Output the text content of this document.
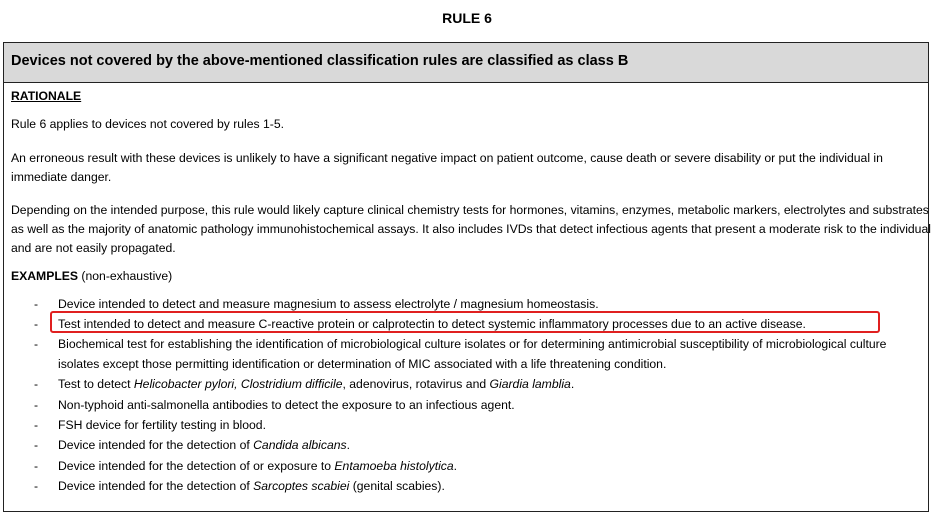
RULE 6
Devices not covered by the above-mentioned classification rules are classified as class B
RATIONALE
Rule 6 applies to devices not covered by rules 1-5.
An erroneous result with these devices is unlikely to have a significant negative impact on patient outcome, cause death or severe disability or put the individual in immediate danger.
Depending on the intended purpose, this rule would likely capture clinical chemistry tests for hormones, vitamins, enzymes, metabolic markers, electrolytes and substrates as well as the majority of anatomic pathology immunohistochemical assays. It also includes IVDs that detect infectious agents that present a moderate risk to the individual and are not easily propagated.
EXAMPLES (non-exhaustive)
- Device intended to detect and measure magnesium to assess electrolyte / magnesium homeostasis.
- Test intended to detect and measure C-reactive protein or calprotectin to detect systemic inflammatory processes due to an active disease.
- Biochemical test for establishing the identification of microbiological culture isolates or for determining antimicrobial susceptibility of microbiological culture isolates except those permitting identification or determination of MIC associated with a life threatening condition.
- Test to detect Helicobacter pylori, Clostridium difficile, adenovirus, rotavirus and Giardia lamblia.
- Non-typhoid anti-salmonella antibodies to detect the exposure to an infectious agent.
- FSH device for fertility testing in blood.
- Device intended for the detection of Candida albicans.
- Device intended for the detection of or exposure to Entamoeba histolytica.
- Device intended for the detection of Sarcoptes scabiei (genital scabies).
